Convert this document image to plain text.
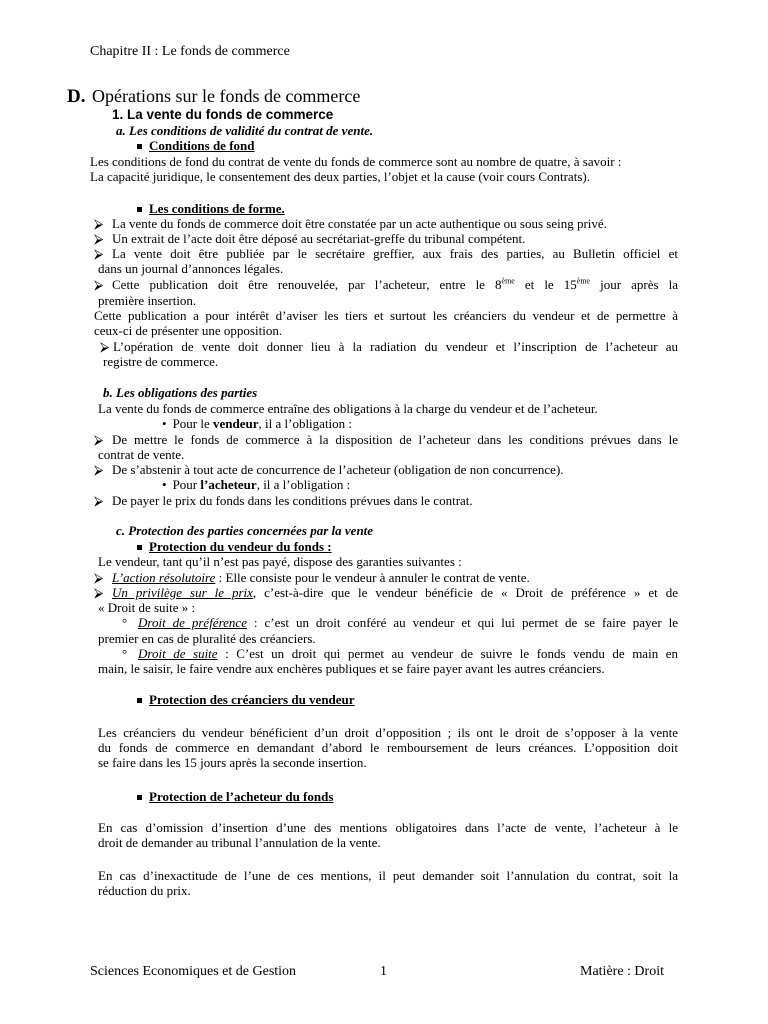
Chapitre II : Le fonds de commerce
D. Opérations sur le fonds de commerce
1. La vente du fonds de commerce
a. Les conditions de validité du contrat de vente.
Conditions de fond
Les conditions de fond du contrat de vente du fonds de commerce sont au nombre de quatre, à savoir :
La capacité juridique, le consentement des deux parties, l’objet et la cause (voir cours Contrats).
Les conditions de forme.
⮚ La vente du fonds de commerce doit être constatée par un acte authentique ou sous seing privé.
⮚ Un extrait de l’acte doit être déposé au secrétariat-greffe du tribunal compétent.
⮚ La vente doit être publiée par le secrétaire greffier, aux frais des parties, au Bulletin officiel et
dans un journal d’annonces légales.
⮚ Cette publication doit être renouvelée, par l’acheteur, entre le 8ème et le 15ème jour après la
première insertion.
Cette publication a pour intérêt d’aviser les tiers et surtout les créanciers du vendeur et de permettre à
ceux-ci de présenter une opposition.
⮚ L’opération de vente doit donner lieu à la radiation du vendeur et l’inscription de l’acheteur au
registre de commerce.
b. Les obligations des parties
La vente du fonds de commerce entraîne des obligations à la charge du vendeur et de l’acheteur.
• Pour le vendeur, il a l’obligation :
⮚ De mettre le fonds de commerce à la disposition de l’acheteur dans les conditions prévues dans le
contrat de vente.
⮚ De s’abstenir à tout acte de concurrence de l’acheteur (obligation de non concurrence).
• Pour l’acheteur, il a l’obligation :
⮚ De payer le prix du fonds dans les conditions prévues dans le contrat.
c. Protection des parties concernées par la vente
Protection du vendeur du fonds :
Le vendeur, tant qu’il n’est pas payé, dispose des garanties suivantes :
⮚ L’action résolutoire : Elle consiste pour le vendeur à annuler le contrat de vente.
⮚ Un privilège sur le prix, c’est-à-dire que le vendeur bénéficie de « Droit de préférence » et de
« Droit de suite » :
° Droit de préférence : c’est un droit conféré au vendeur et qui lui permet de se faire payer le
premier en cas de pluralité des créanciers.
° Droit de suite : C’est un droit qui permet au vendeur de suivre le fonds vendu de main en
main, le saisir, le faire vendre aux enchères publiques et se faire payer avant les autres créanciers.
Protection des créanciers du vendeur
Les créanciers du vendeur bénéficient d’un droit d’opposition ; ils ont le droit de s’opposer à la vente
du fonds de commerce en demandant d’abord le remboursement de leurs créances. L’opposition doit
se faire dans les 15 jours après la seconde insertion.
Protection de l’acheteur du fonds
En cas d’omission d’insertion d’une des mentions obligatoires dans l’acte de vente, l’acheteur à le
droit de demander au tribunal l’annulation de la vente.
En cas d’inexactitude de l’une de ces mentions, il peut demander soit l’annulation du contrat, soit la
réduction du prix.
Sciences Economiques et de Gestion	1	Matière : Droit
